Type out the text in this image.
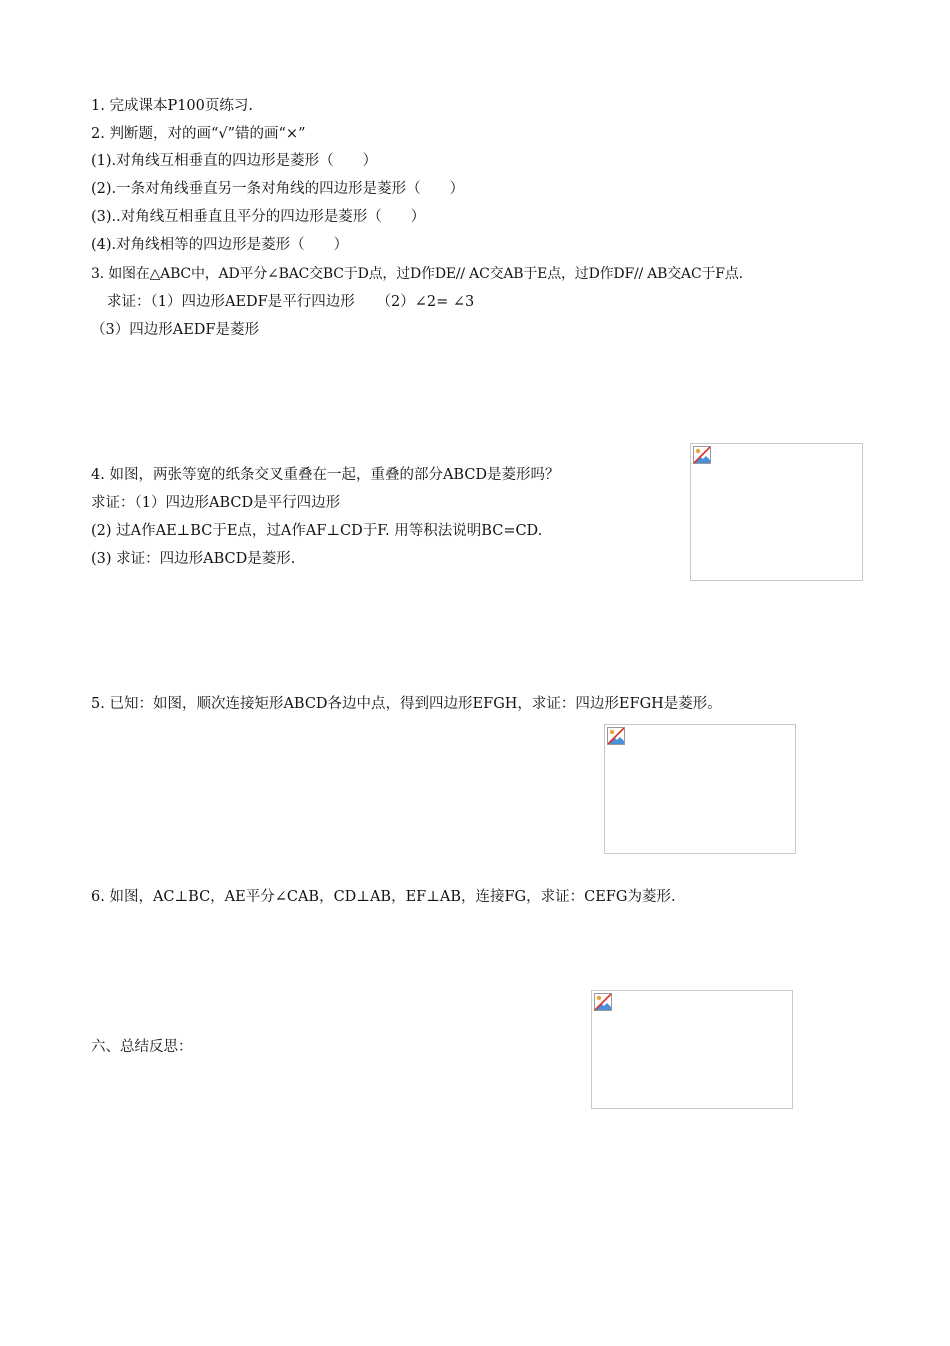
1. 完成课本P100页练习.
2. 判断题，对的画“√”错的画“×”
(1).对角线互相垂直的四边形是菱形（　　）
(2).一条对角线垂直另一条对角线的四边形是菱形（　　）
(3)..对角线互相垂直且平分的四边形是菱形（　　）
(4).对角线相等的四边形是菱形（　　）
3. 如图在△ABC中，AD平分∠BAC交BC于D点，过D作DE// AC交AB于E点，过D作DF// AB交AC于F点.
求证：（1）四边形AEDF是平行四边形　　（2）∠2= ∠3
（3）四边形AEDF是菱形
4. 如图，两张等宽的纸条交叉重叠在一起，重叠的部分ABCD是菱形吗？
求证：（1）四边形ABCD是平行四边形
(2) 过A作AE⊥BC于E点，过A作AF⊥CD于F. 用等积法说明BC=CD.
(3) 求证：四边形ABCD是菱形.
5. 已知：如图，顺次连接矩形ABCD各边中点，得到四边形EFGH，求证：四边形EFGH是菱形。
6. 如图，AC⊥BC，AE平分∠CAB，CD⊥AB，EF⊥AB，连接FG，求证：CEFG为菱形.
六、总结反思：
